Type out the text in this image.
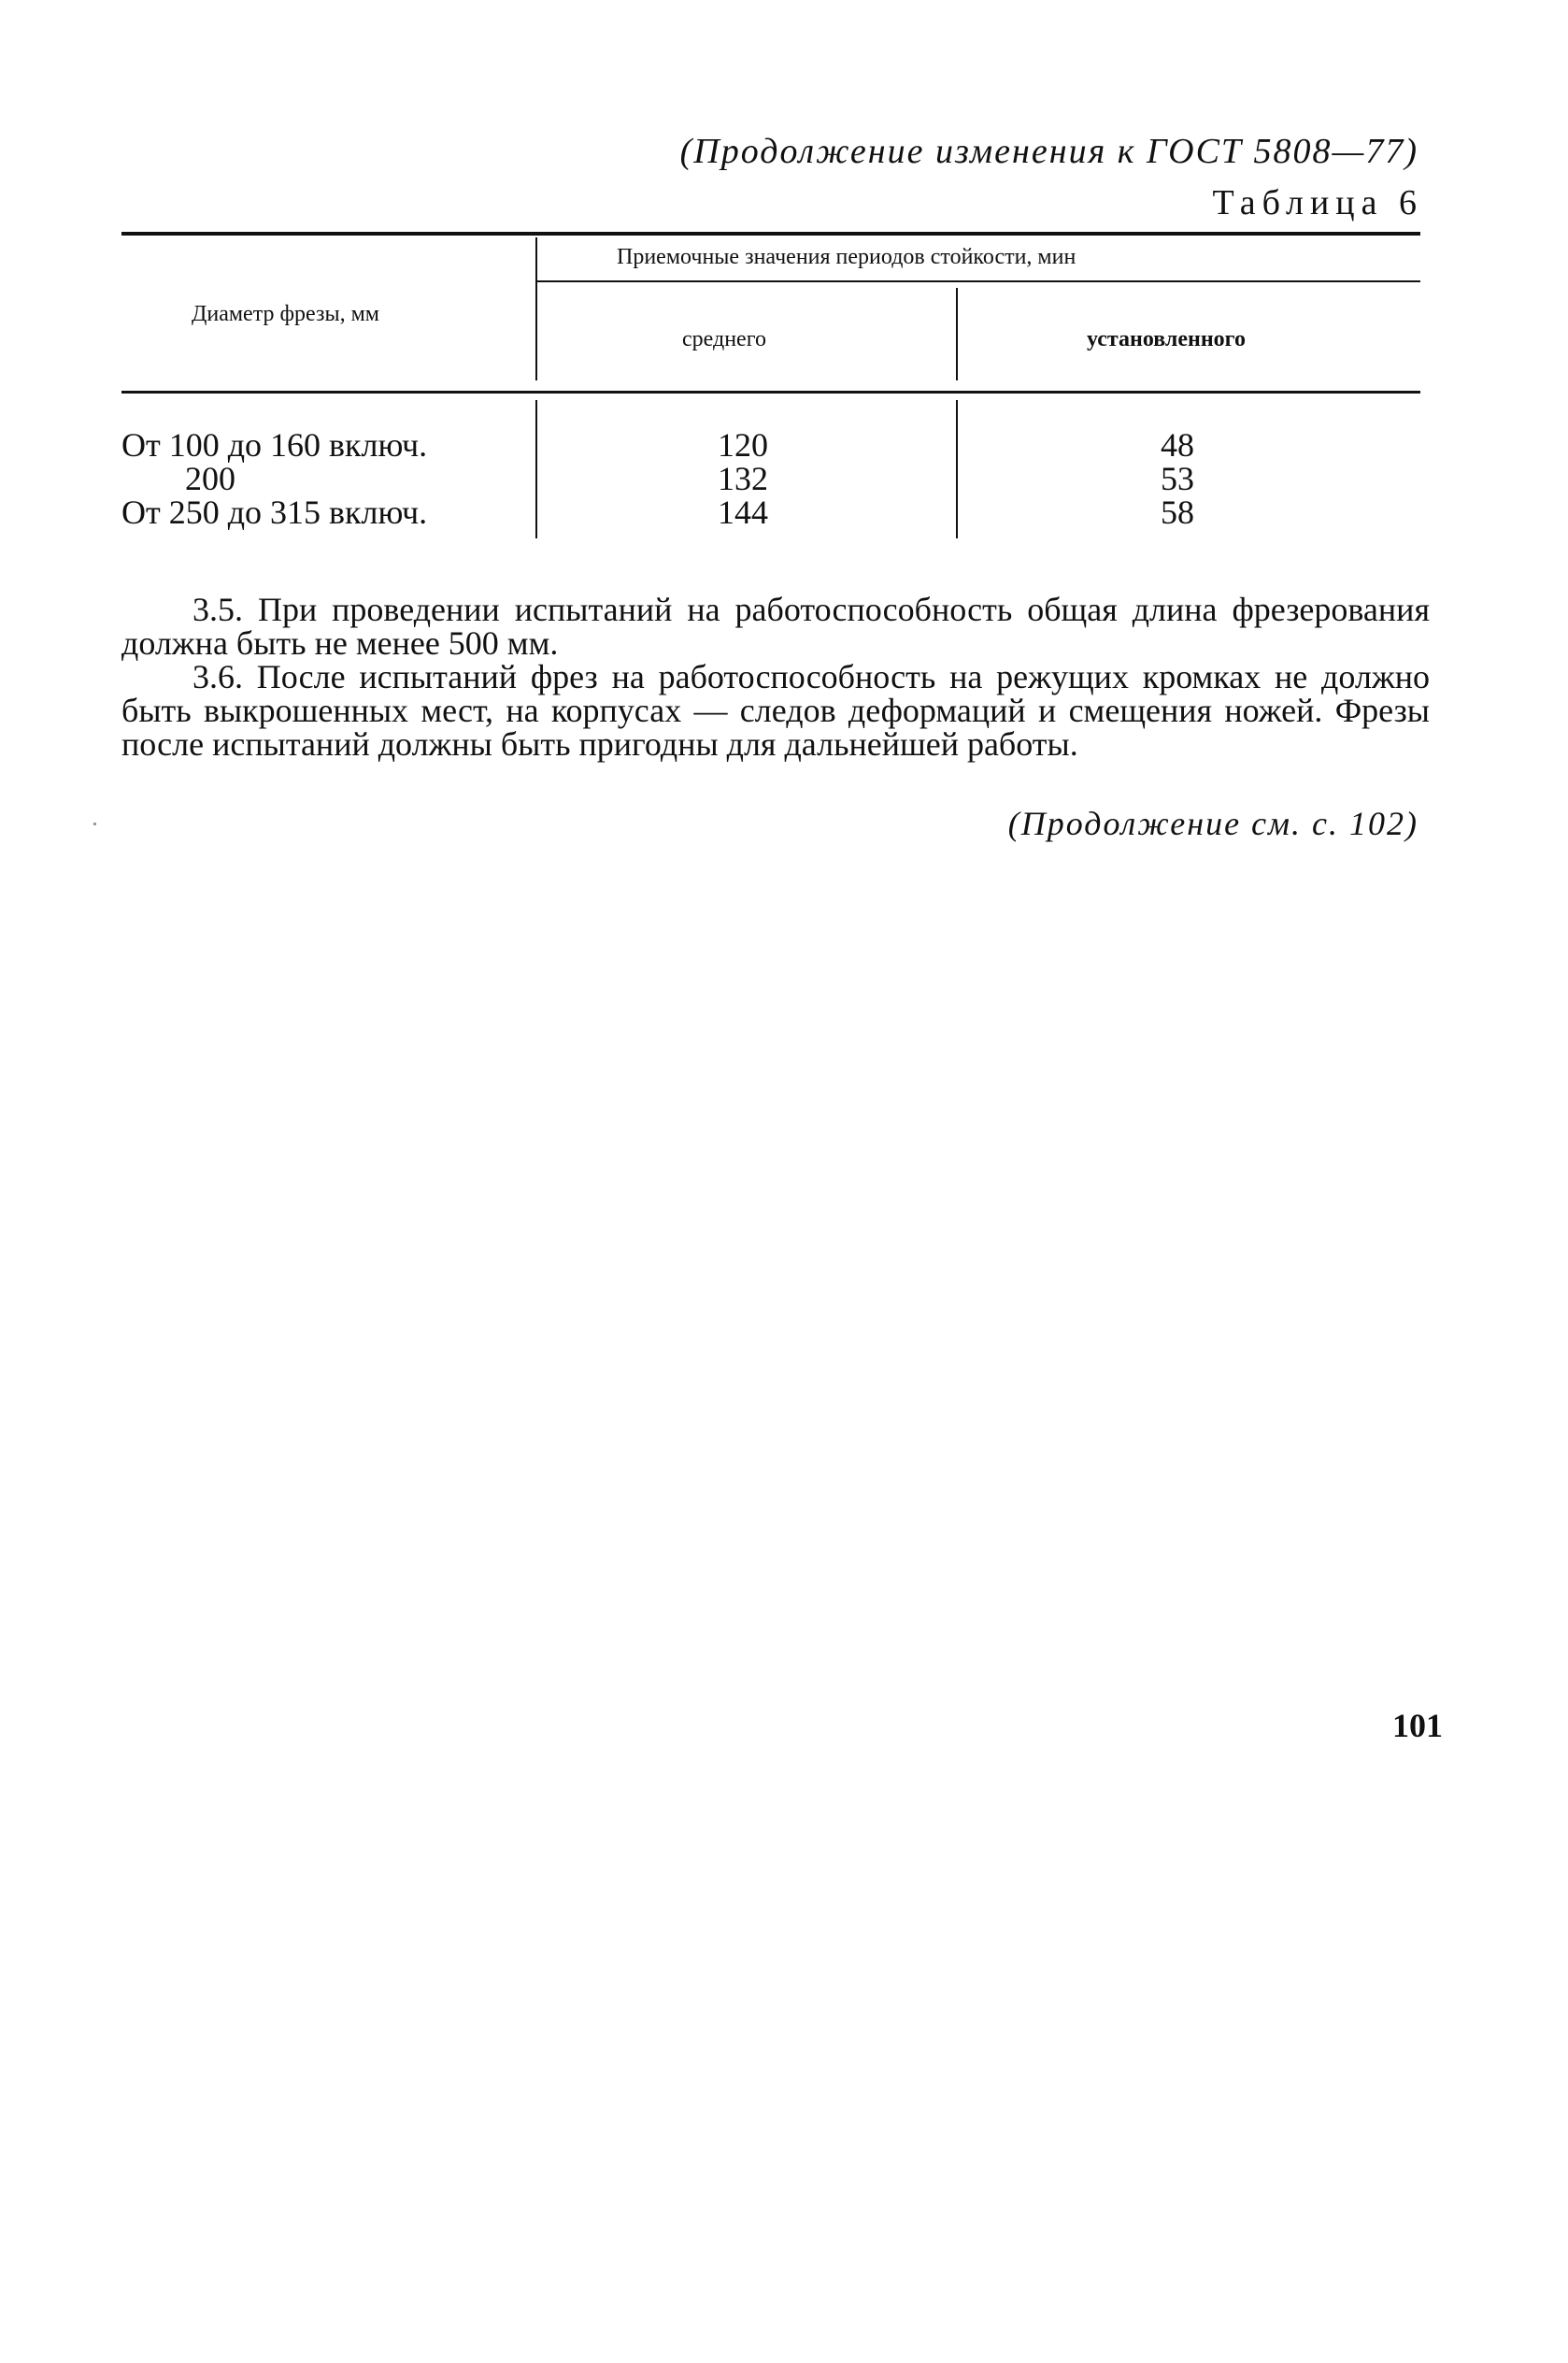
(Продолжение изменения к ГОСТ 5808—77)
Таблица 6
Диаметр фрезы, мм
Приемочные значения периодов стойкости, мин
среднего	установленного
От 100 до 160 включ.	120	48
200	132	53
От 250 до 315 включ.	144	58
3.5. При проведении испытаний на работоспособность общая длина фрезерования должна быть не менее 500 мм.
3.6. После испытаний фрез на работоспособность на режущих кромках не должно быть выкрошенных мест, на корпусах — следов деформаций и смещения ножей. Фрезы после испытаний должны быть пригодны для дальнейшей работы.
(Продолжение см. с. 102)
101
